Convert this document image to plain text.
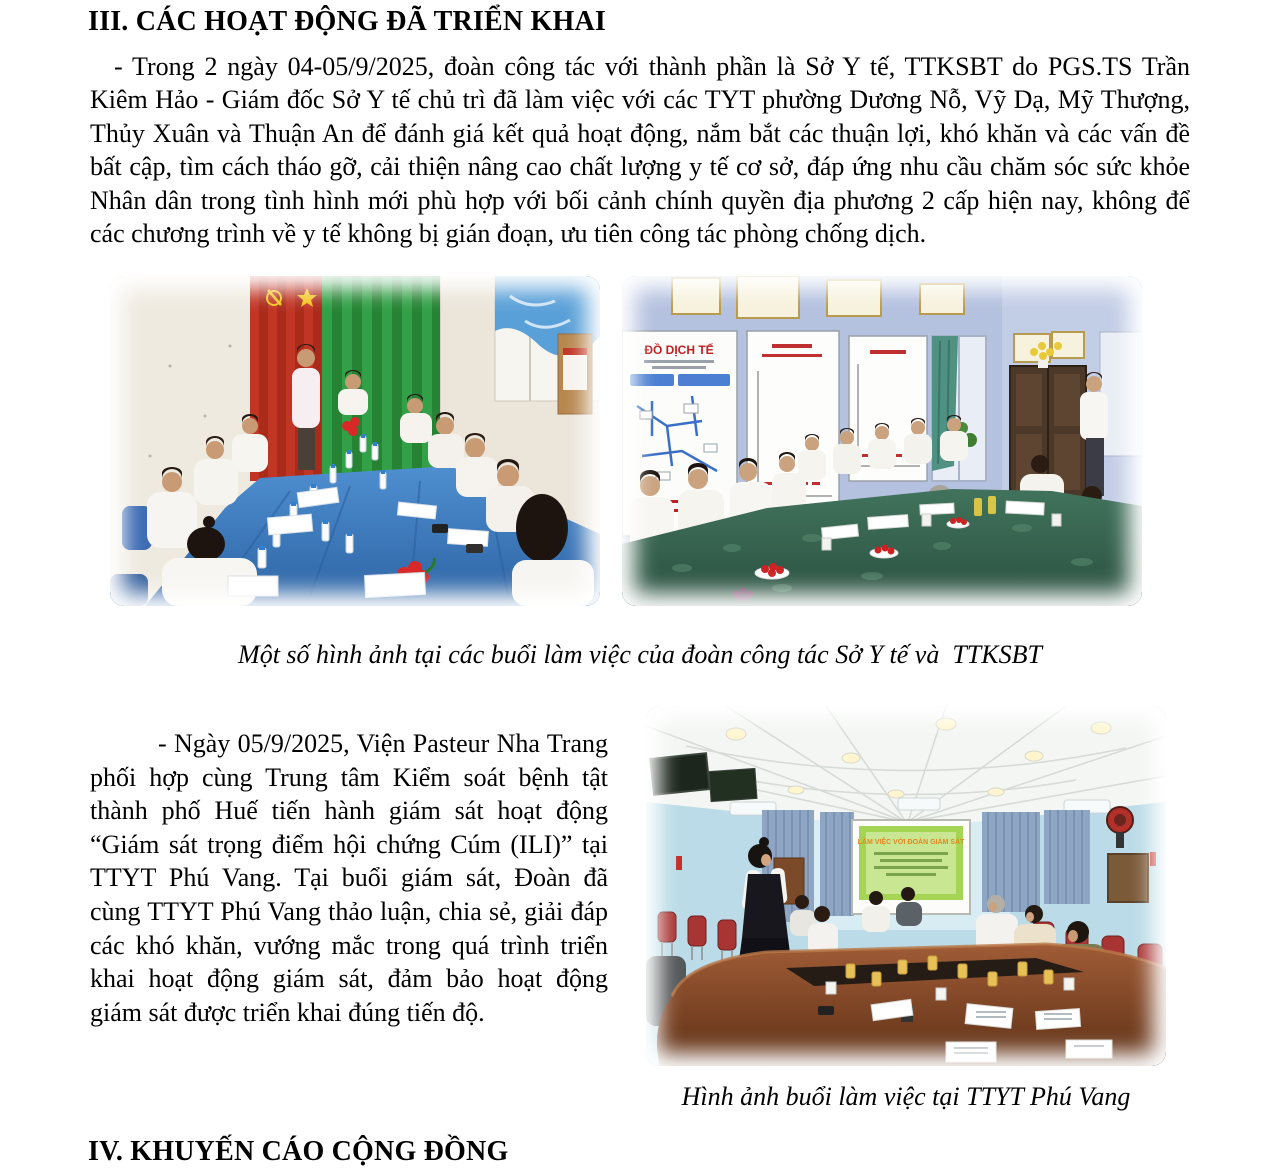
III. CÁC HOẠT ĐỘNG ĐÃ TRIỂN KHAI

- Trong 2 ngày 04-05/9/2025, đoàn công tác với thành phần là Sở Y tế, TTKSBT do PGS.TS Trần Kiêm Hảo - Giám đốc Sở Y tế chủ trì đã làm việc với các TYT phường Dương Nỗ, Vỹ Dạ, Mỹ Thượng, Thủy Xuân và Thuận An để đánh giá kết quả hoạt động, nắm bắt các thuận lợi, khó khăn và các vấn đề bất cập, tìm cách tháo gỡ, cải thiện nâng cao chất lượng y tế cơ sở, đáp ứng nhu cầu chăm sóc sức khỏe Nhân dân trong tình hình mới phù hợp với bối cảnh chính quyền địa phương 2 cấp hiện nay, không để các chương trình về y tế không bị gián đoạn, ưu tiên công tác phòng chống dịch.

ĐỒ DỊCH TẾ

Một số hình ảnh tại các buổi làm việc của đoàn công tác Sở Y tế và  TTKSBT

- Ngày 05/9/2025, Viện Pasteur Nha Trang phối hợp cùng Trung tâm Kiểm soát bệnh tật thành phố Huế tiến hành giám sát hoạt động “Giám sát trọng điểm hội chứng Cúm (ILI)” tại TTYT Phú Vang. Tại buổi giám sát, Đoàn đã cùng TTYT Phú Vang thảo luận, chia sẻ, giải đáp các khó khăn, vướng mắc trong quá trình triển khai hoạt động giám sát, đảm bảo hoạt động giám sát được triển khai đúng tiến độ.

LÀM VIỆC VỚI ĐOÀN GIÁM SÁT

Hình ảnh buổi làm việc tại TTYT Phú Vang

IV. KHUYẾN CÁO CỘNG ĐỒNG
